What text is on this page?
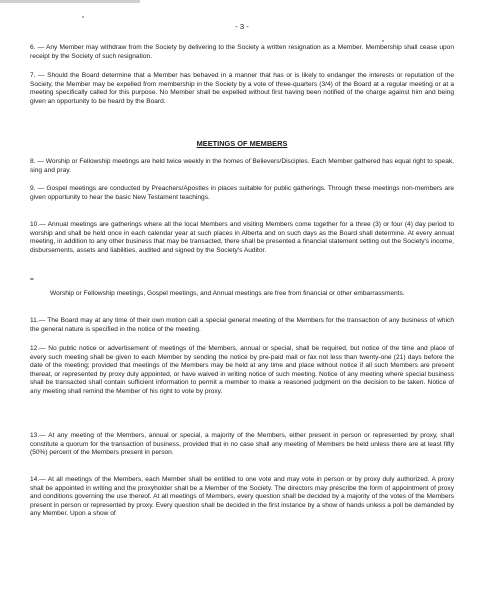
- 3 -

6. — Any Member may withdraw from the Society by delivering to the Society a written resignation as a Member. Membership shall cease upon receipt by the Society of such resignation.

7. — Should the Board determine that a Member has behaved in a manner that has or is likely to endanger the interests or reputation of the Society, the Member may be expelled from membership in the Society by a vote of three-quarters (3/4) of the Board at a regular meeting or at a meeting specifically called for this purpose. No Member shall be expelled without first having been notified of the charge against him and being given an opportunity to be heard by the Board.

MEETINGS OF MEMBERS

8. — Worship or Fellowship meetings are held twice weekly in the homes of Believers/Disciples. Each Member gathered has equal right to speak, sing and pray.

9. — Gospel meetings are conducted by Preachers/Apostles in places suitable for public gatherings. Through these meetings non-members are given opportunity to hear the basic New Testament teachings.

10.— Annual meetings are gatherings where all the local Members and visiting Members come together for a three (3) or four (4) day period to worship and shall be held once in each calendar year at such places in Alberta and on such days as the Board shall determine. At every annual meeting, in addition to any other business that may be transacted, there shall be presented a financial statement setting out the Society's income, disbursements, assets and liabilities, audited and signed by the Society's Auditor.

=

Worship or Fellowship meetings, Gospel meetings, and Annual meetings are free from financial or other embarrassments.

11.— The Board may at any time of their own motion call a special general meeting of the Members for the transaction of any business of which the general nature is specified in the notice of the meeting.

12.— No public notice or advertisement of meetings of the Members, annual or special, shall be required, but notice of the time and place of every such meeting shall be given to each Member by sending the notice by pre-paid mail or fax not less than twenty-one (21) days before the date of the meeting; provided that meetings of the Members may be held at any time and place without notice if all such Members are present thereat, or represented by proxy duly appointed, or have waived in writing notice of such meeting. Notice of any meeting where special business shall be transacted shall contain sufficient information to permit a member to make a reasoned judgment on the decision to be taken. Notice of any meeting shall remind the Member of his right to vote by proxy.

13.— At any meeting of the Members, annual or special, a majority of the Members, either present in person or represented by proxy, shall constitute a quorum for the transaction of business, provided that in no case shall any meeting of Members be held unless there are at least fifty (50%) percent of the Members present in person.

14.— At all meetings of the Members, each Member shall be entitled to one vote and may vote in person or by proxy duly authorized. A proxy shall be appointed in writing and the proxyholder shall be a Member of the Society. The directors may prescribe the form of appointment of proxy and conditions governing the use thereof. At all meetings of Members, every question shall be decided by a majority of the votes of the Members present in person or represented by proxy. Every question shall be decided in the first instance by a show of hands unless a poll be demanded by any Member. Upon a show of
